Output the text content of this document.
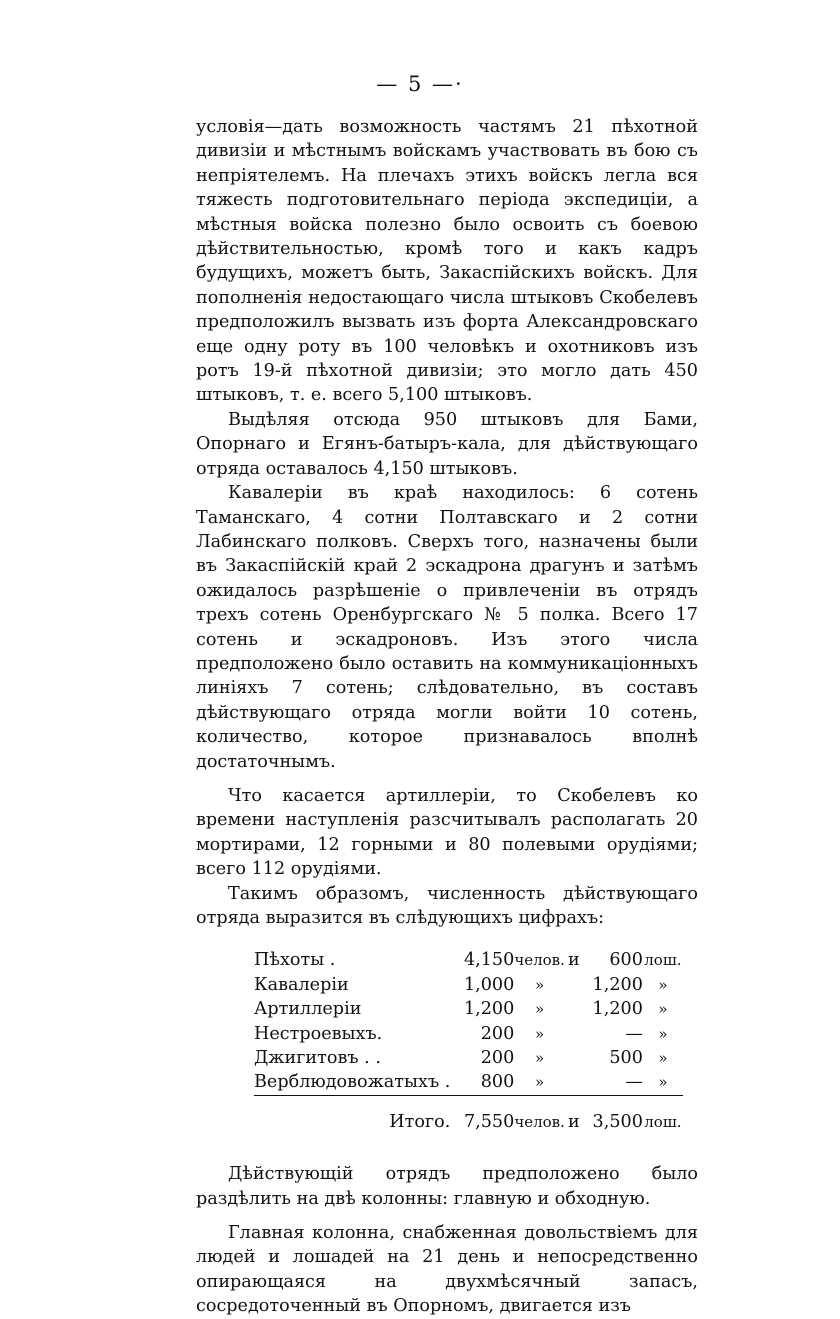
— 5 —·

условія—дать возможность частямъ 21 пѣхотной дивизіи и мѣстнымъ войскамъ участвовать въ бою съ непріятелемъ. На плечахъ этихъ войскъ легла вся тяжесть подготовительнаго періода экспедиціи, а мѣстныя войска полезно было освоить съ боевою дѣйствительностью, кромѣ того и какъ кадръ будущихъ, можетъ быть, Закаспійскихъ войскъ. Для пополненія недостающаго числа штыковъ Скобелевъ предположилъ вызвать изъ форта Александровскаго еще одну роту въ 100 человѣкъ и охотниковъ изъ ротъ 19-й пѣхотной дивизіи; это могло дать 450 штыковъ, т. е. всего 5,100 штыковъ.

Выдѣляя отсюда 950 штыковъ для Бами, Опорнаго и Егянъ-батыръ-кала, для дѣйствующаго отряда оставалось 4,150 штыковъ.

Кавалеріи въ краѣ находилось: 6 сотень Таманскаго, 4 сотни Полтавскаго и 2 сотни Лабинскаго полковъ. Сверхъ того, назначены были въ Закаспійскій край 2 эскадрона драгунъ и затѣмъ ожидалось разрѣшеніе о привлеченіи въ отрядъ трехъ сотень Оренбургскаго № 5 полка. Всего 17 сотень и эскадроновъ. Изъ этого числа предположено было оставить на коммуникаціонныхъ линіяхъ 7 сотень; слѣдовательно, въ составъ дѣйствующаго отряда могли войти 10 сотень, количество, которое признавалось вполнѣ достаточнымъ.

Что касается артиллеріи, то Скобелевъ ко времени наступленія разсчитывалъ располагать 20 мортирами, 12 горными и 80 полевыми орудіями; всего 112 орудіями.

Такимъ образомъ, численность дѣйствующаго отряда выразится въ слѣдующихъ цифрахъ:

Пѣхоты .	4,150	челов.	и	600	лош.
Кавалеріи	1,000	»		1,200	»
Артиллеріи	1,200	»		1,200	»
Нестроевыхъ.	200	»		—	»
Джигитовъ . .	200	»		500	»
Верблюдовожатыхъ .	800	»		—	»
Итого.	7,550	челов.	и	3,500	лош.

Дѣйствующій отрядъ предположено было раздѣлить на двѣ колонны: главную и обходную.

Главная колонна, снабженная довольствіемъ для людей и лошадей на 21 день и непосредственно опирающаяся на двухмѣсячный запасъ, сосредоточенный въ Опорномъ, двигается изъ
